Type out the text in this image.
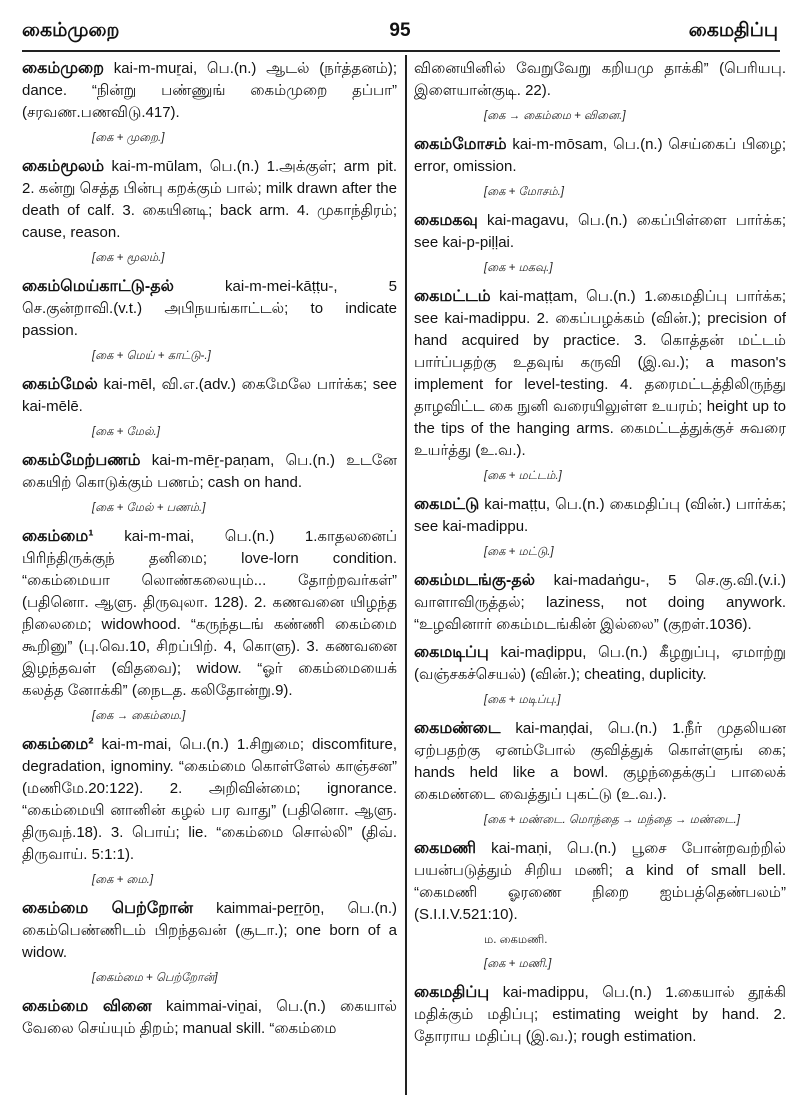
கைம்முறை	95	கைமதிப்பு

கைம்முறை kai-m-muṟai, பெ.(n.) ஆடல் (நர்த்தனம்); dance. “நின்று பண்ணுங் கைம்முறை தப்பா” (சரவண.பணவிடு.417).

[கை + முறை.]

கைம்மூலம் kai-m-mūlam, பெ.(n.) 1.அக்குள்; arm pit. 2. கன்று செத்த பின்பு கறக்கும் பால்; milk drawn after the death of calf. 3. கையினடி; back arm. 4. முகாந்திரம்; cause, reason.

[கை + மூலம்.]

கைம்மெய்காட்டு-தல் kai-m-mei-kāṭṭu-, 5 செ.குன்றாவி.(v.t.) அபிநயங்காட்டல்; to indicate passion.

[கை + மெய் + காட்டு-.]

கைம்மேல் kai-mēl, வி.எ.(adv.) கைமேலே பார்க்க; see kai-mēlē.

[கை + மேல்.]

கைம்மேற்பணம் kai-m-mēṟ-paṇam, பெ.(n.) உடனே கையிற் கொடுக்கும் பணம்; cash on hand.

[கை + மேல் + பணம்.]

கைம்மை¹ kai-m-mai, பெ.(n.) 1.காதலனைப் பிரிந்திருக்குந் தனிமை; love-lorn condition. “கைம்மையா லொண்கலையும்... தோற்றவர்கள்” (பதினொ. ஆளு. திருவுலா. 128). 2. கணவனை யிழந்த நிலைமை; widowhood. “கருந்தடங் கண்ணி கைம்மை கூறினு” (பு.வெ.10, சிறப்பிற். 4, கொளு). 3. கணவனை இழந்தவள் (விதவை); widow. “ஓர் கைம்மையைக் கலத்த னோக்கி” (நைடத. கலிதோன்று.9).

[கை → கைம்மை.]

கைம்மை² kai-m-mai, பெ.(n.) 1.சிறுமை; discomfiture, degradation, ignominy. “கைம்மை கொள்ளேல் காஞ்சன” (மணிமே.20:122). 2. அறிவின்மை; ignorance. “கைம்மையி னானின் கழல் பர வாது” (பதினொ. ஆளு. திருவந்.18). 3. பொய்; lie. “கைம்மை சொல்லி” (திவ். திருவாய். 5:1:1).

[கை + மை.]

கைம்மை பெற்றோன் kaimmai-peṟṟōṉ, பெ.(n.) கைம்பெண்ணிடம் பிறந்தவன் (சூடா.); one born of a widow.

[கைம்மை + பெற்றோன்]

கைம்மை வினை kaimmai-viṉai, பெ.(n.) கையால் வேலை செய்யும் திறம்; manual skill. “கைம்மை

வினையினில் வேறுவேறு கறியமு தாக்கி” (பெரியபு. இளையான்குடி. 22).

[கை → கைம்மை + வினை.]

கைம்மோசம் kai-m-mōsam, பெ.(n.) செய்கைப் பிழை; error, omission.

[கை + மோசம்.]

கைமகவு kai-magavu, பெ.(n.) கைப்பிள்ளை பார்க்க; see kai-p-piḷḷai.

[கை + மகவு.]

கைமட்டம் kai-maṭṭam, பெ.(n.) 1.கைமதிப்பு பார்க்க; see kai-madippu. 2. கைப்பழக்கம் (வின்.); precision of hand acquired by practice. 3. கொத்தன் மட்டம் பார்ப்பதற்கு உதவுங் கருவி (இ.வ.); a mason's implement for level-testing. 4. தரைமட்டத்திலிருந்து தாழவிட்ட கை நுனி வரையிலுள்ள உயரம்; height up to the tips of the hanging arms. கைமட்டத்துக்குச் சுவரை உயர்த்து (உ.வ.).

[கை + மட்டம்.]

கைமட்டு kai-maṭṭu, பெ.(n.) கைமதிப்பு (வின்.) பார்க்க; see kai-madippu.

[கை + மட்டு.]

கைம்மடங்கு-தல் kai-madaṅgu-, 5 செ.கு.வி.(v.i.) வாளாவிருத்தல்; laziness, not doing anywork. “உழவினார் கைம்மடங்கின் இல்லை” (குறள்.1036).

கைமடிப்பு kai-maḍippu, பெ.(n.) கீழறுப்பு, ஏமாற்று (வஞ்சகச்செயல்) (வின்.); cheating, duplicity.

[கை + மடிப்பு.]

கைமண்டை kai-maṇḍai, பெ.(n.) 1.நீர் முதலியன ஏற்பதற்கு ஏனம்போல் குவித்துக் கொள்ளுங் கை; hands held like a bowl. குழந்தைக்குப் பாலைக் கைமண்டை வைத்துப் புகட்டு (உ.வ.).

[கை + மண்டை. மொந்தை → மந்தை → மண்டை.]

கைமணி kai-maṇi, பெ.(n.) பூசை போன்றவற்றில் பயன்படுத்தும் சிறிய மணி; a kind of small bell. “கைமணி ஓரணை நிறை ஐம்பத்தெண்பலம்” (S.I.I.V.521:10).

ம. கைமணி.
[கை + மணி.]

கைமதிப்பு kai-madippu, பெ.(n.) 1.கையால் தூக்கி மதிக்கும் மதிப்பு; estimating weight by hand. 2. தோராய மதிப்பு (இ.வ.); rough estimation.
